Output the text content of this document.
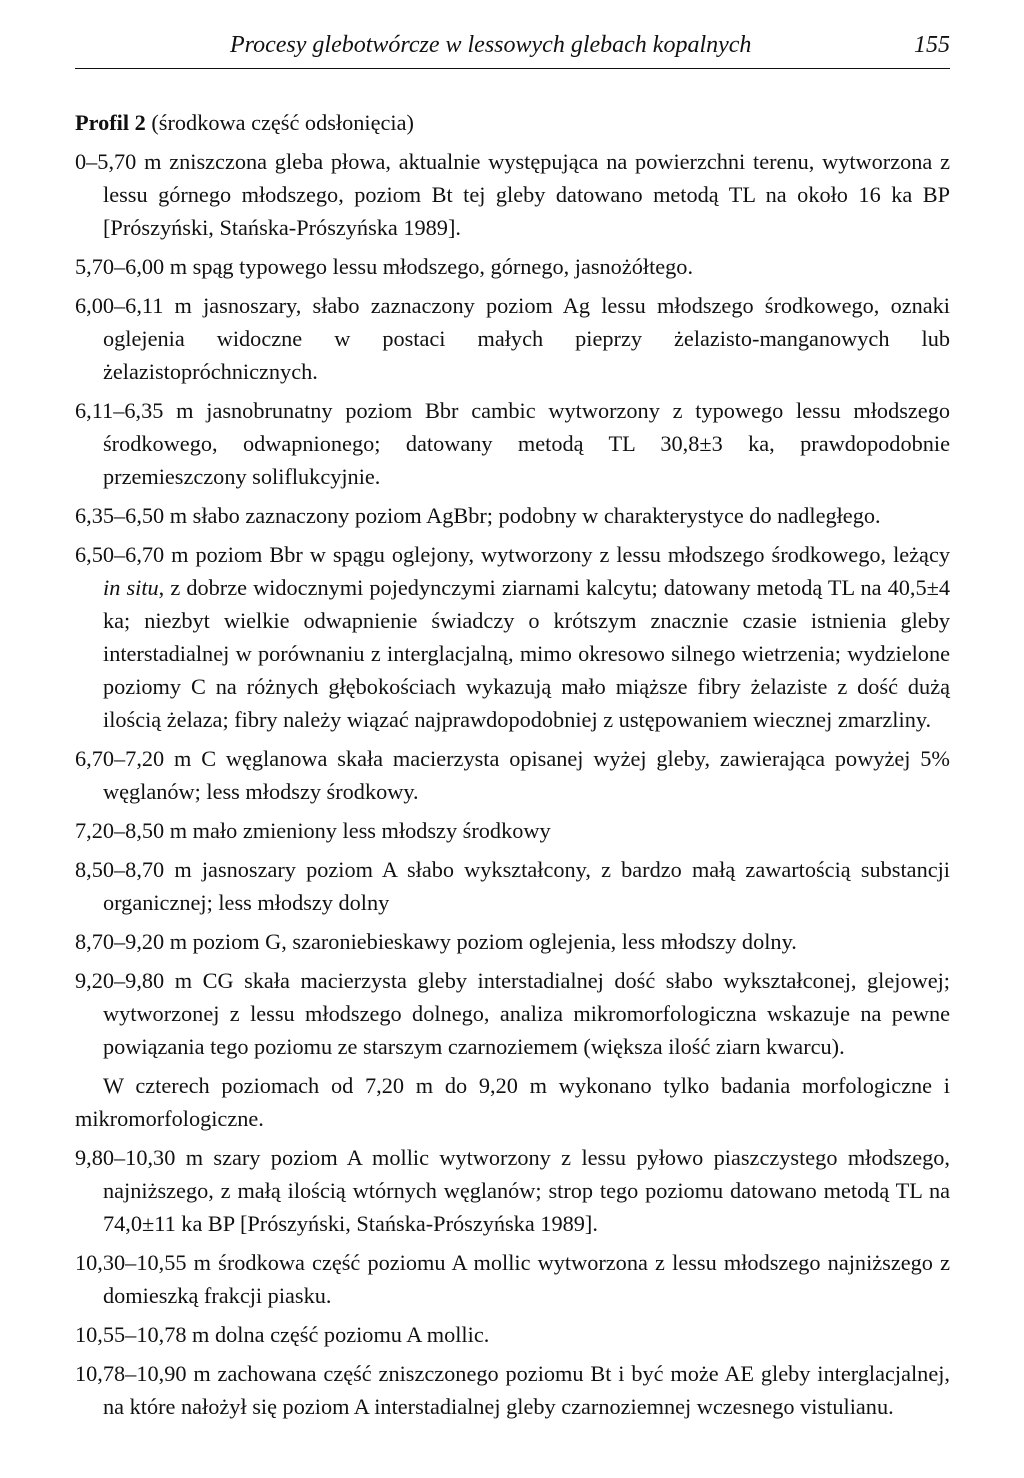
Procesy glebotwórcze w lessowych glebach kopalnych	155

Profil 2 (środkowa część odsłonięcia)

0–5,70 m zniszczona gleba płowa, aktualnie występująca na powierzchni terenu, wytworzona z lessu górnego młodszego, poziom Bt tej gleby datowano metodą TL na około 16 ka BP [Prószyński, Stańska-Prószyńska 1989].

5,70–6,00 m spąg typowego lessu młodszego, górnego, jasnożółtego.

6,00–6,11 m jasnoszary, słabo zaznaczony poziom Ag lessu młodszego środkowego, oznaki oglejenia widoczne w postaci małych pieprzy żelazisto-manganowych lub żelazistopróchnicznych.

6,11–6,35 m jasnobrunatny poziom Bbr cambic wytworzony z typowego lessu młodszego środkowego, odwapnionego; datowany metodą TL 30,8±3 ka, prawdopodobnie przemieszczony soliflukcyjnie.

6,35–6,50 m słabo zaznaczony poziom AgBbr; podobny w charakterystyce do nadległego.

6,50–6,70 m poziom Bbr w spągu oglejony, wytworzony z lessu młodszego środkowego, leżący in situ, z dobrze widocznymi pojedynczymi ziarnami kalcytu; datowany metodą TL na 40,5±4 ka; niezbyt wielkie odwapnienie świadczy o krótszym znacznie czasie istnienia gleby interstadialnej w porównaniu z interglacjalną, mimo okresowo silnego wietrzenia; wydzielone poziomy C na różnych głębokościach wykazują mało miąższe fibry żelaziste z dość dużą ilością żelaza; fibry należy wiązać najprawdopodobniej z ustępowaniem wiecznej zmarzliny.

6,70–7,20 m C węglanowa skała macierzysta opisanej wyżej gleby, zawierająca powyżej 5% węglanów; less młodszy środkowy.

7,20–8,50 m mało zmieniony less młodszy środkowy

8,50–8,70 m jasnoszary poziom A słabo wykształcony, z bardzo małą zawartością substancji organicznej; less młodszy dolny

8,70–9,20 m poziom G, szaroniebieskawy poziom oglejenia, less młodszy dolny.

9,20–9,80 m CG skała macierzysta gleby interstadialnej dość słabo wykształconej, glejowej; wytworzonej z lessu młodszego dolnego, analiza mikromorfologiczna wskazuje na pewne powiązania tego poziomu ze starszym czarnoziemem (większa ilość ziarn kwarcu).

W czterech poziomach od 7,20 m do 9,20 m wykonano tylko badania morfologiczne i mikromorfologiczne.

9,80–10,30 m szary poziom A mollic wytworzony z lessu pyłowo piaszczystego młodszego, najniższego, z małą ilością wtórnych węglanów; strop tego poziomu datowano metodą TL na 74,0±11 ka BP [Prószyński, Stańska-Prószyńska 1989].

10,30–10,55 m środkowa część poziomu A mollic wytworzona z lessu młodszego najniższego z domieszką frakcji piasku.

10,55–10,78 m dolna część poziomu A mollic.

10,78–10,90 m zachowana część zniszczonego poziomu Bt i być może AE gleby interglacjalnej, na które nałożył się poziom A interstadialnej gleby czarnoziemnej wczesnego vistulianu.
